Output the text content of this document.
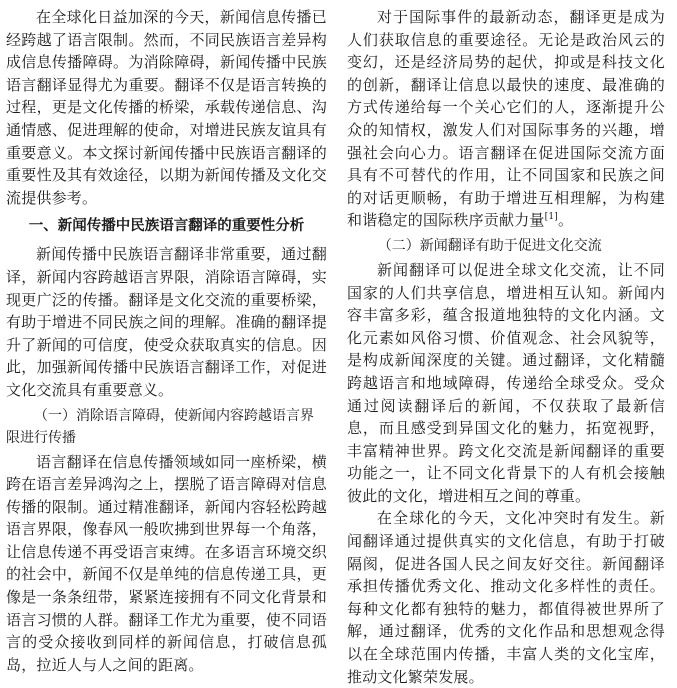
在全球化日益加深的今天，新闻信息传播已经跨越了语言限制。然而，不同民族语言差异构成信息传播障碍。为消除障碍，新闻传播中民族语言翻译显得尤为重要。翻译不仅是语言转换的过程，更是文化传播的桥梁，承载传递信息、沟通情感、促进理解的使命，对增进民族友谊具有重要意义。本文探讨新闻传播中民族语言翻译的重要性及其有效途径，以期为新闻传播及文化交流提供参考。

一、新闻传播中民族语言翻译的重要性分析

新闻传播中民族语言翻译非常重要，通过翻译，新闻内容跨越语言界限，消除语言障碍，实现更广泛的传播。翻译是文化交流的重要桥梁，有助于增进不同民族之间的理解。准确的翻译提升了新闻的可信度，使受众获取真实的信息。因此，加强新闻传播中民族语言翻译工作，对促进文化交流具有重要意义。

（一）消除语言障碍，使新闻内容跨越语言界限进行传播

语言翻译在信息传播领域如同一座桥梁，横跨在语言差异鸿沟之上，摆脱了语言障碍对信息传播的限制。通过精准翻译，新闻内容轻松跨越语言界限，像春风一般吹拂到世界每一个角落，让信息传递不再受语言束缚。在多语言环境交织的社会中，新闻不仅是单纯的信息传递工具，更像是一条条纽带，紧紧连接拥有不同文化背景和语言习惯的人群。翻译工作尤为重要，使不同语言的受众接收到同样的新闻信息，打破信息孤岛，拉近人与人之间的距离。

对于国际事件的最新动态，翻译更是成为人们获取信息的重要途径。无论是政治风云的变幻，还是经济局势的起伏，抑或是科技文化的创新，翻译让信息以最快的速度、最准确的方式传递给每一个关心它们的人，逐渐提升公众的知情权，激发人们对国际事务的兴趣，增强社会向心力。语言翻译在促进国际交流方面具有不可替代的作用，让不同国家和民族之间的对话更顺畅，有助于增进互相理解，为构建和谐稳定的国际秩序贡献力量[1]。

（二）新闻翻译有助于促进文化交流

新闻翻译可以促进全球文化交流，让不同国家的人们共享信息，增进相互认知。新闻内容丰富多彩，蕴含报道地独特的文化内涵。文化元素如风俗习惯、价值观念、社会风貌等，是构成新闻深度的关键。通过翻译，文化精髓跨越语言和地域障碍，传递给全球受众。受众通过阅读翻译后的新闻，不仅获取了最新信息，而且感受到异国文化的魅力，拓宽视野，丰富精神世界。跨文化交流是新闻翻译的重要功能之一，让不同文化背景下的人有机会接触彼此的文化，增进相互之间的尊重。

在全球化的今天，文化冲突时有发生。新闻翻译通过提供真实的文化信息，有助于打破隔阂，促进各国人民之间友好交往。新闻翻译承担传播优秀文化、推动文化多样性的责任。每种文化都有独特的魅力，都值得被世界所了解，通过翻译，优秀的文化作品和思想观念得以在全球范围内传播，丰富人类的文化宝库，推动文化繁荣发展。
